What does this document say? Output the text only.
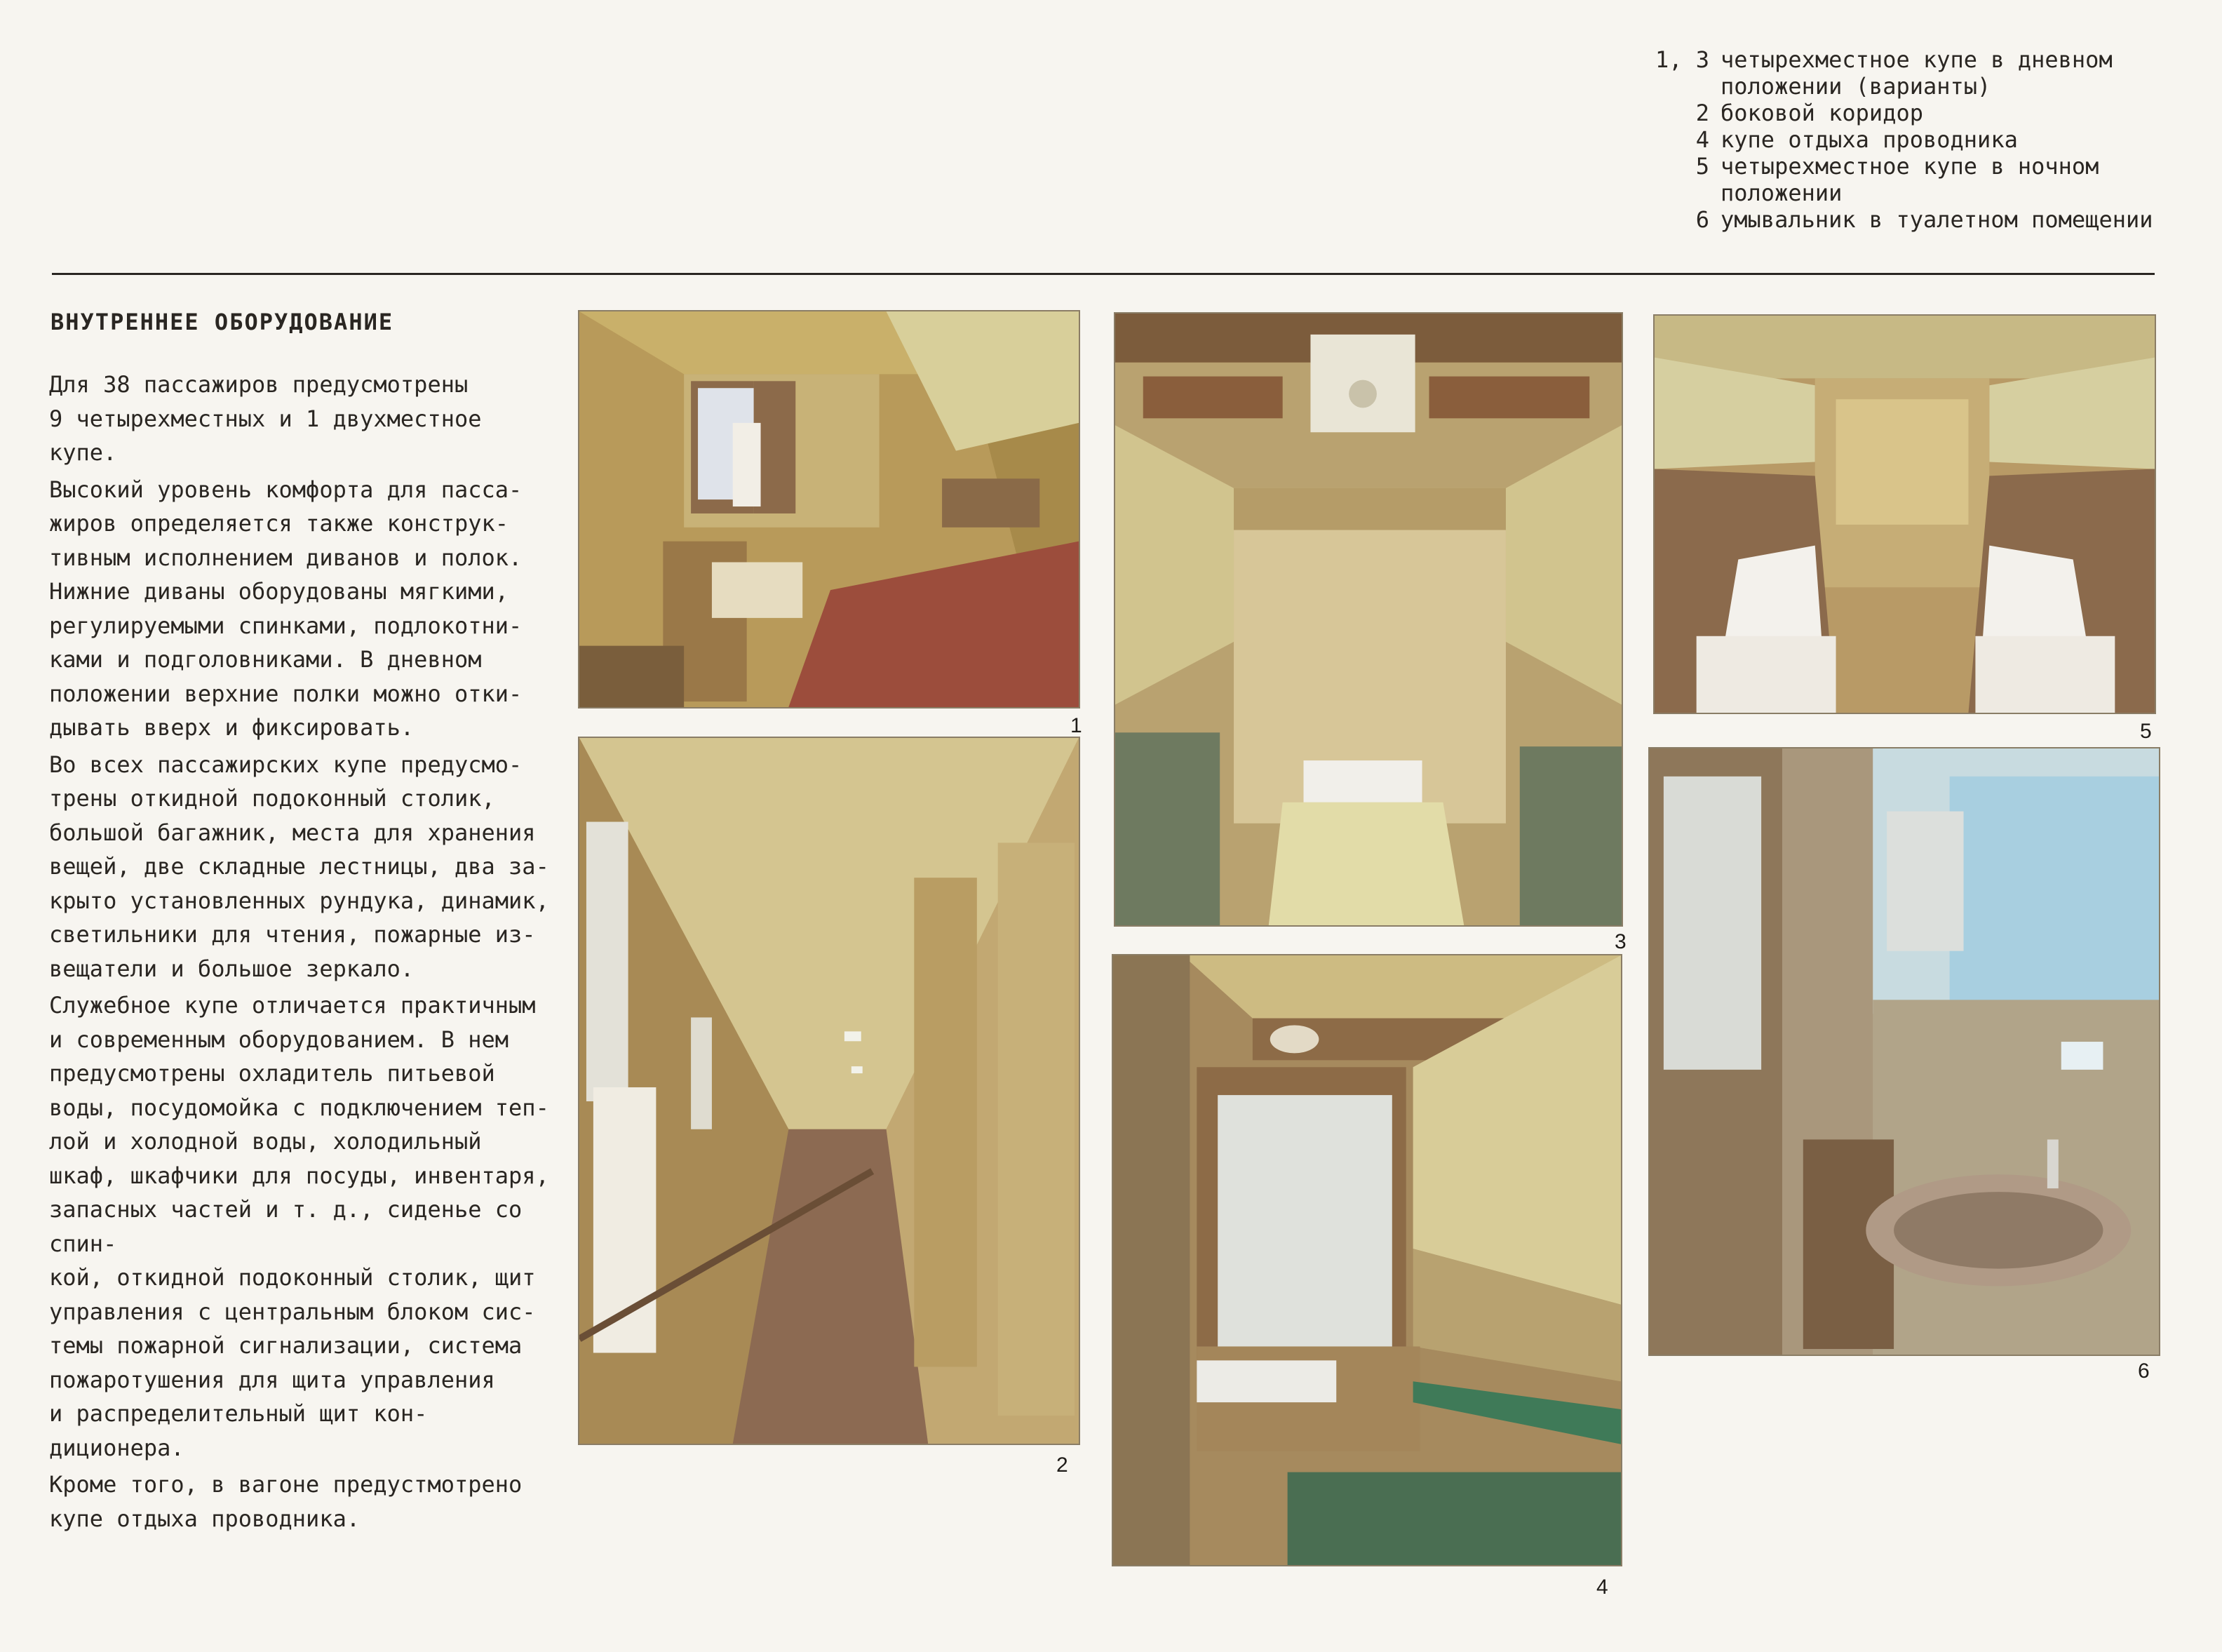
1, 3 четырехместное купе в дневном положении (варианты)
2 боковой коридор
4 купе отдыха проводника
5 четырехместное купе в ночном положении
6 умывальник в туалетном помещении
ВНУТРЕННЕЕ ОБОРУДОВАНИЕ

Для 38 пассажиров предусмотрены
9 четырехместных и 1 двухместное купе.

Высокий уровень комфорта для пасса-
жиров определяется также конструк-
тивным исполнением диванов и полок.
Нижние диваны оборудованы мягкими,
регулируемыми спинками, подлокотни-
ками и подголовниками. В дневном
положении верхние полки можно отки-
дывать вверх и фиксировать.

Во всех пассажирских купе предусмо-
трены откидной подоконный столик,
большой багажник, места для хранения
вещей, две складные лестницы, два за-
крыто установленных рундука, динамик,
светильники для чтения, пожарные из-
вещатели и большое зеркало.

Служебное купе отличается практичным
и современным оборудованием. В нем
предусмотрены охладитель питьевой
воды, посудомойка с подключением теп-
лой и холодной воды, холодильный
шкаф, шкафчики для посуды, инвентаря,
запасных частей и т. д., сиденье со спин-
кой, откидной подоконный столик, щит
управления с центральным блоком сис-
темы пожарной сигнализации, система
пожаротушения для щита управления
и распределительный щит кон-
диционера.

Кроме того, в вагоне предустмотрено
купе отдыха проводника.

1
2
3
4
5
6
